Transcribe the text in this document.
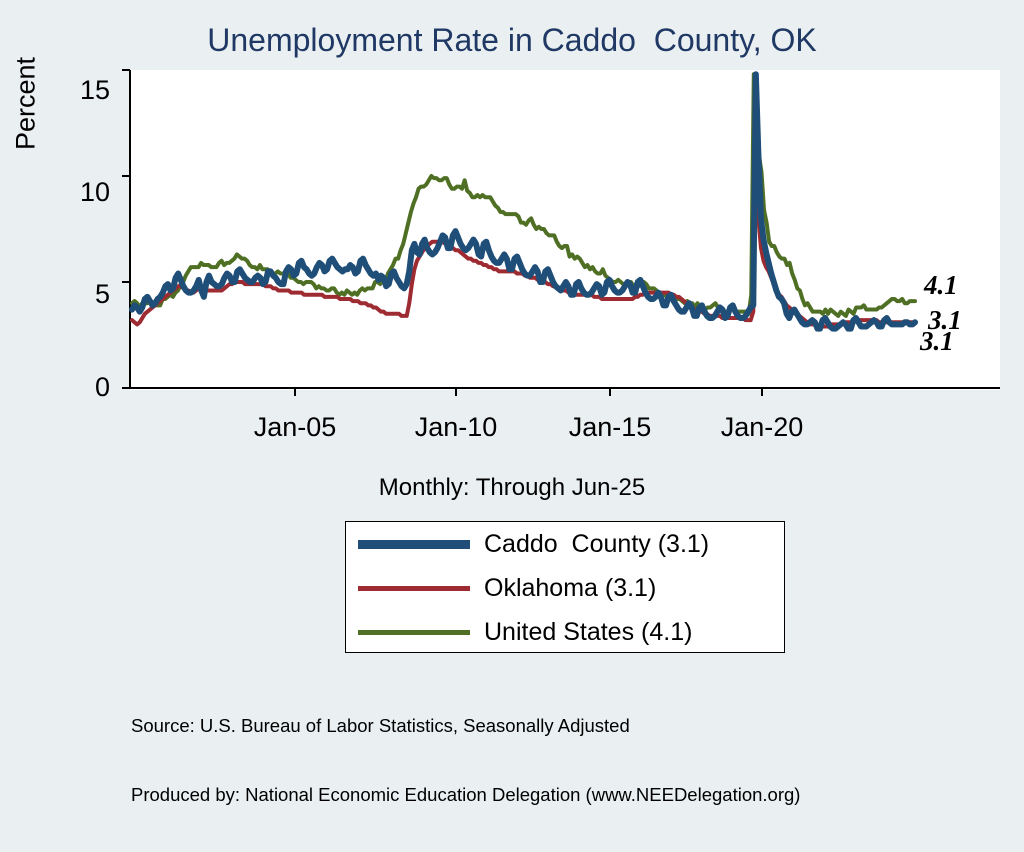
Unemployment Rate in Caddo  County, OK
Percent	15
10
5
0
Jan-05	Jan-10	Jan-15	Jan-20
4.1
3.1
3.1
Monthly: Through Jun-25
Caddo  County (3.1)
Oklahoma (3.1)
United States (4.1)

Source: U.S. Bureau of Labor Statistics, Seasonally Adjusted

Produced by: National Economic Education Delegation (www.NEEDelegation.org)
